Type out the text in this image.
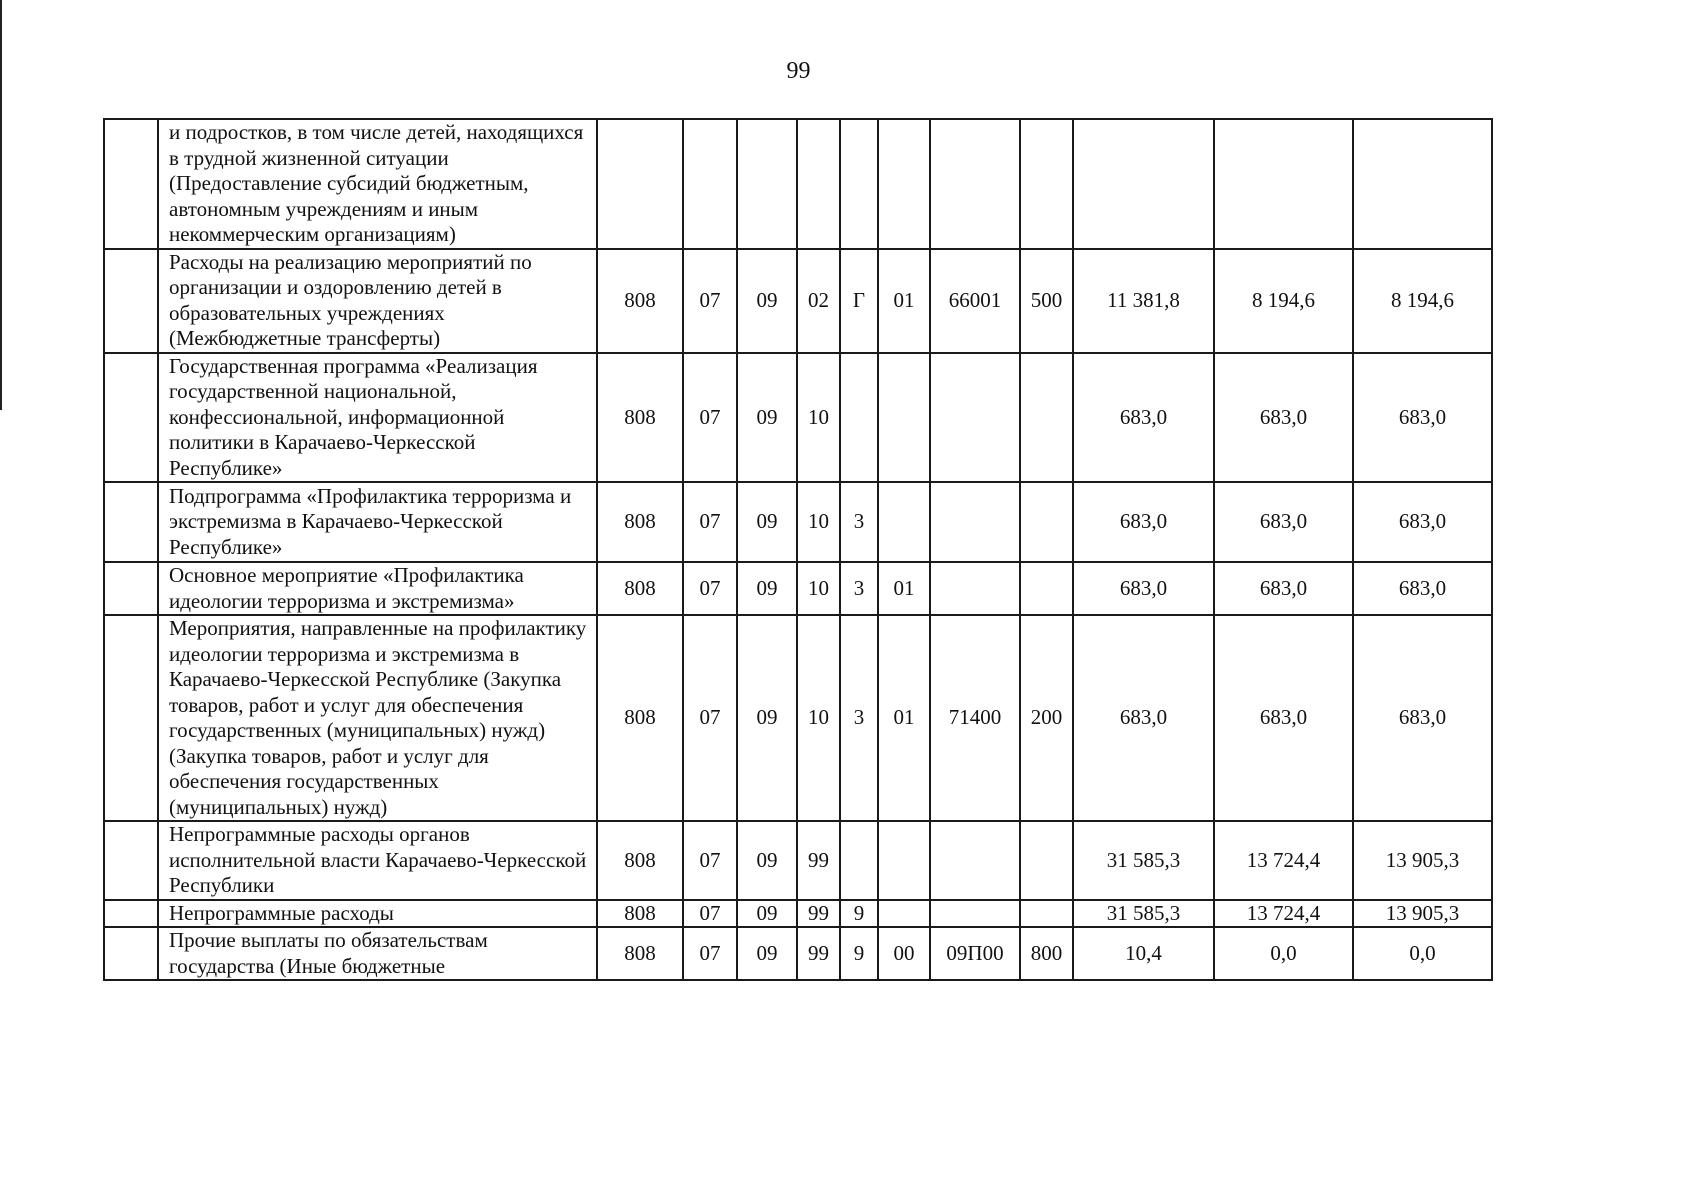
99
	и подростков, в том числе детей, находящихся в трудной жизненной ситуации (Предоставление субсидий бюджетным, автономным учреждениям и иным некоммерческим организациям)											
	Расходы на реализацию мероприятий по организации и оздоровлению детей в образовательных учреждениях (Межбюджетные трансферты)	808	07	09	02	Г	01	66001	500	11 381,8	8 194,6	8 194,6
	Государственная программа «Реализация государственной национальной, конфессиональной, информационной политики в Карачаево-Черкесской Республике»	808	07	09	10					683,0	683,0	683,0
	Подпрограмма «Профилактика терроризма и экстремизма в Карачаево-Черкесской Республике»	808	07	09	10	3				683,0	683,0	683,0
	Основное мероприятие «Профилактика идеологии терроризма и экстремизма»	808	07	09	10	3	01			683,0	683,0	683,0
	Мероприятия, направленные на профилактику идеологии терроризма и экстремизма в Карачаево-Черкесской Республике (Закупка товаров, работ и услуг для обеспечения государственных (муниципальных) нужд) (Закупка товаров, работ и услуг для обеспечения государственных (муниципальных) нужд)	808	07	09	10	3	01	71400	200	683,0	683,0	683,0
	Непрограммные расходы органов исполнительной власти Карачаево-Черкесской Республики	808	07	09	99					31 585,3	13 724,4	13 905,3
	Непрограммные расходы	808	07	09	99	9				31 585,3	13 724,4	13 905,3
	Прочие выплаты по обязательствам государства (Иные бюджетные	808	07	09	99	9	00	09П00	800	10,4	0,0	0,0
